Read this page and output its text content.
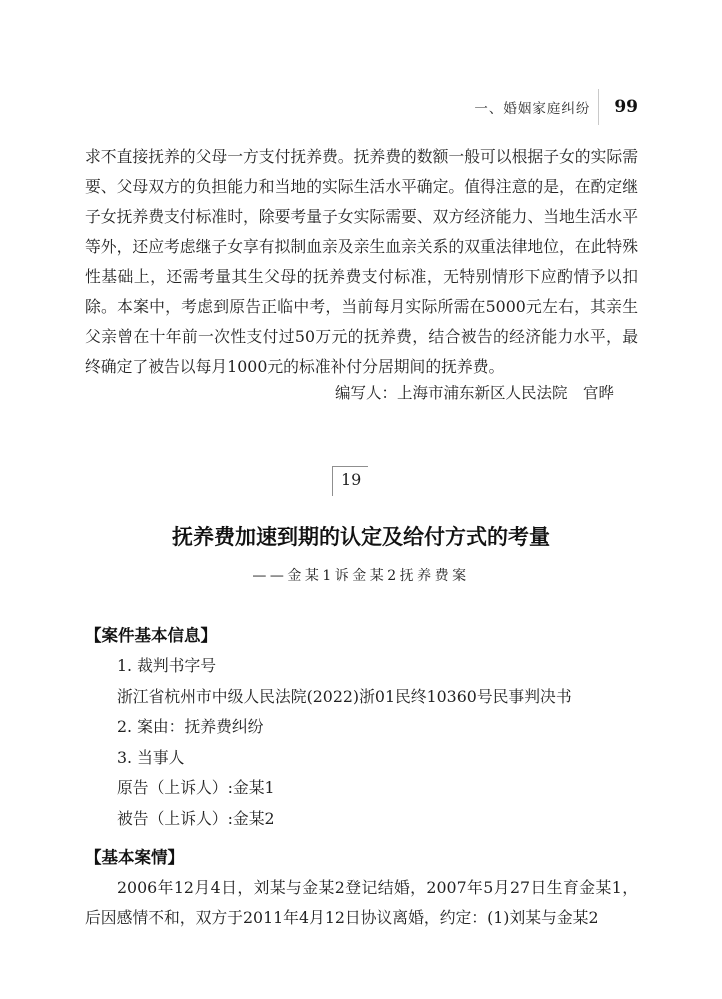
一、婚姻家庭纠纷 99

求不直接抚养的父母一方支付抚养费。抚养费的数额一般可以根据子女的实际需要、父母双方的负担能力和当地的实际生活水平确定。值得注意的是，在酌定继子女抚养费支付标准时，除要考量子女实际需要、双方经济能力、当地生活水平等外，还应考虑继子女享有拟制血亲及亲生血亲关系的双重法律地位，在此特殊性基础上，还需考量其生父母的抚养费支付标准，无特别情形下应酌情予以扣除。本案中，考虑到原告正临中考，当前每月实际所需在5000元左右，其亲生父亲曾在十年前一次性支付过50万元的抚养费，结合被告的经济能力水平，最终确定了被告以每月1000元的标准补付分居期间的抚养费。

编写人：上海市浦东新区人民法院　官晔

19
抚养费加速到期的认定及给付方式的考量

——金某1诉金某2抚养费案

【案件基本信息】

1. 裁判书字号

浙江省杭州市中级人民法院(2022)浙01民终10360号民事判决书

2. 案由：抚养费纠纷

3. 当事人

原告（上诉人）:金某1

被告（上诉人）:金某2

【基本案情】

2006年12月4日，刘某与金某2登记结婚，2007年5月27日生育金某1，后因感情不和，双方于2011年4月12日协议离婚，约定：(1)刘某与金某2
